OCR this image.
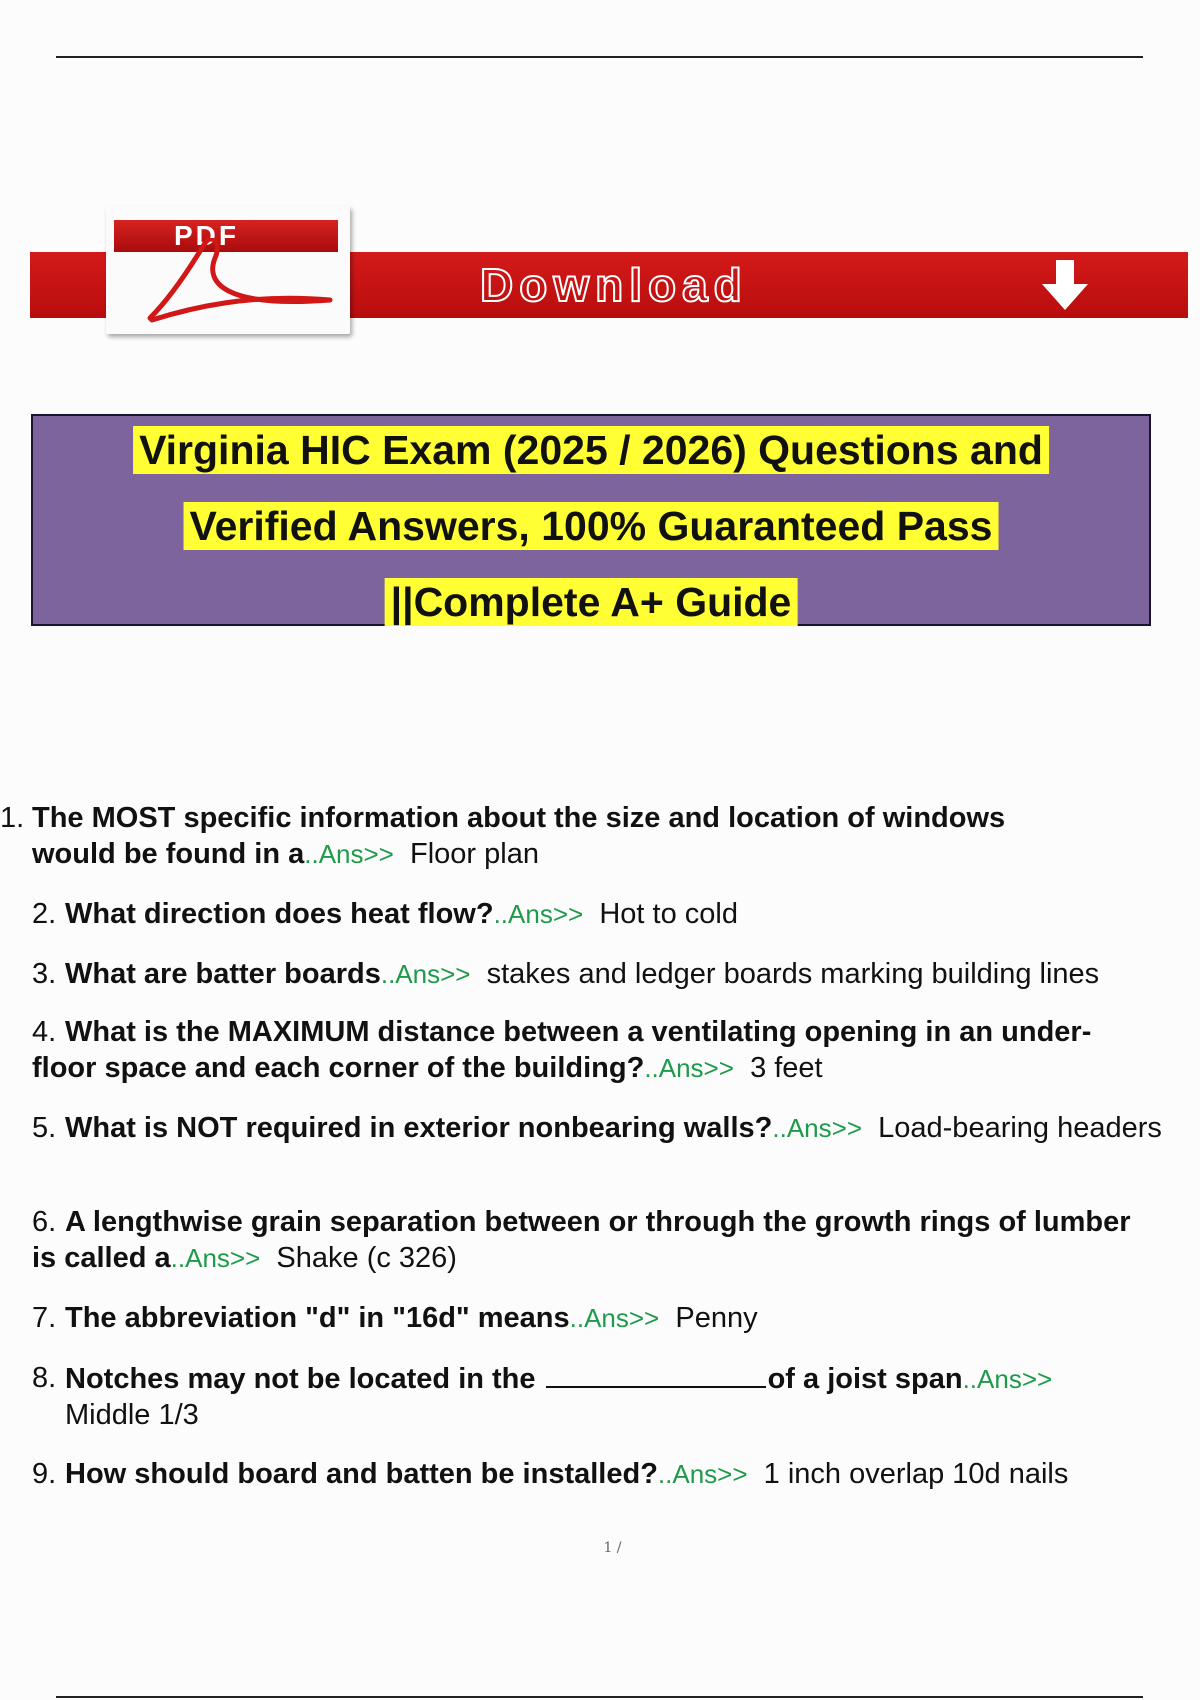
PDF
Download
Virginia HIC Exam (2025 / 2026) Questions and
Verified Answers, 100% Guaranteed Pass
||Complete A+ Guide
1. The MOST specific information about the size and location of windows would be found in a..Ans>> Floor plan
2. What direction does heat flow?..Ans>> Hot to cold
3. What are batter boards..Ans>> stakes and ledger boards marking building lines
4. What is the MAXIMUM distance between a ventilating opening in an under-floor space and each corner of the building?..Ans>> 3 feet
5. What is NOT required in exterior nonbearing walls?..Ans>> Load-bearing headers
6. A lengthwise grain separation between or through the growth rings of lumber is called a..Ans>> Shake (c 326)
7. The abbreviation "d" in "16d" means..Ans>> Penny
8. Notches may not be located in the	of a joist span..Ans>> Middle 1/3
9. How should board and batten be installed?..Ans>> 1 inch overlap 10d nails
1 /
